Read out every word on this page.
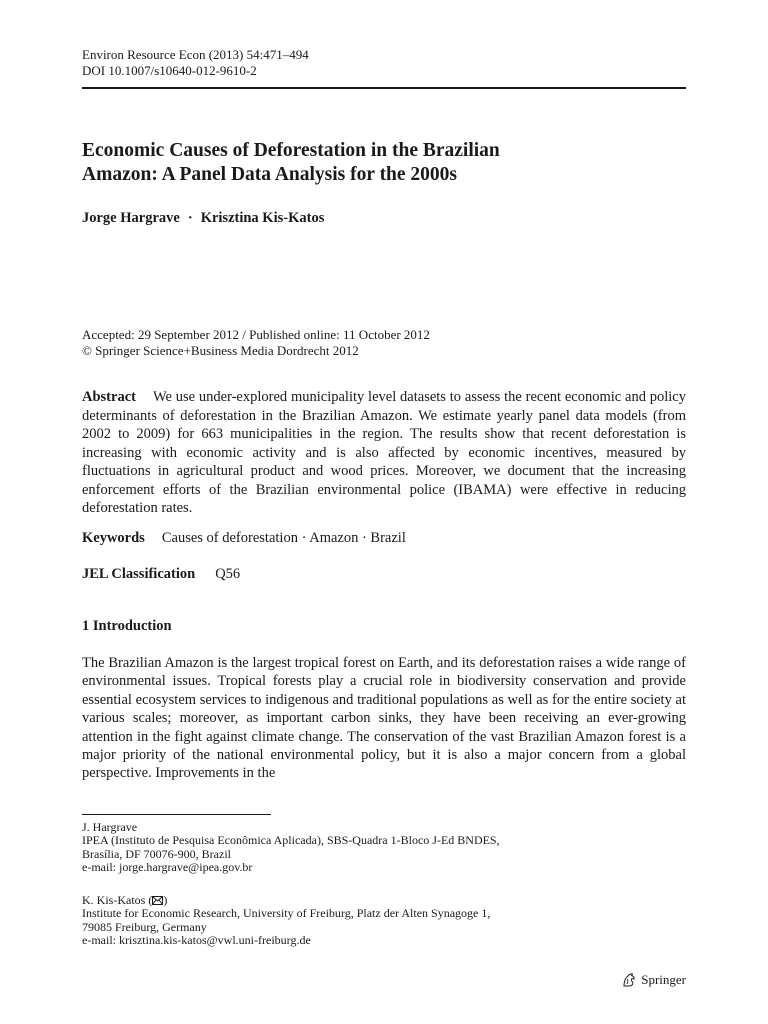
Environ Resource Econ (2013) 54:471–494
DOI 10.1007/s10640-012-9610-2
Economic Causes of Deforestation in the Brazilian
Amazon: A Panel Data Analysis for the 2000s
Jorge Hargrave · Krisztina Kis-Katos
Accepted: 29 September 2012 / Published online: 11 October 2012
© Springer Science+Business Media Dordrecht 2012

Abstract We use under-explored municipality level datasets to assess the recent economic and policy determinants of deforestation in the Brazilian Amazon. We estimate yearly panel data models (from 2002 to 2009) for 663 municipalities in the region. The results show that recent deforestation is increasing with economic activity and is also affected by economic incentives, measured by fluctuations in agricultural product and wood prices. Moreover, we document that the increasing enforcement efforts of the Brazilian environmental police (IBAMA) were effective in reducing deforestation rates.

Keywords Causes of deforestation · Amazon · Brazil
JEL Classification Q56
1 Introduction

The Brazilian Amazon is the largest tropical forest on Earth, and its deforestation raises a wide range of environmental issues. Tropical forests play a crucial role in biodiversity conservation and provide essential ecosystem services to indigenous and traditional populations as well as for the entire society at various scales; moreover, as important carbon sinks, they have been receiving an ever-growing attention in the fight against climate change. The conservation of the vast Brazilian Amazon forest is a major priority of the national environmental policy, but it is also a major concern from a global perspective. Improvements in the

J. Hargrave
IPEA (Instituto de Pesquisa Econômica Aplicada), SBS-Quadra 1-Bloco J-Ed BNDES,
Brasília, DF 70076-900, Brazil
e-mail: jorge.hargrave@ipea.gov.br
K. Kis-Katos ( )
Institute for Economic Research, University of Freiburg, Platz der Alten Synagoge 1,
79085 Freiburg, Germany
e-mail: krisztina.kis-katos@vwl.uni-freiburg.de
Springer
